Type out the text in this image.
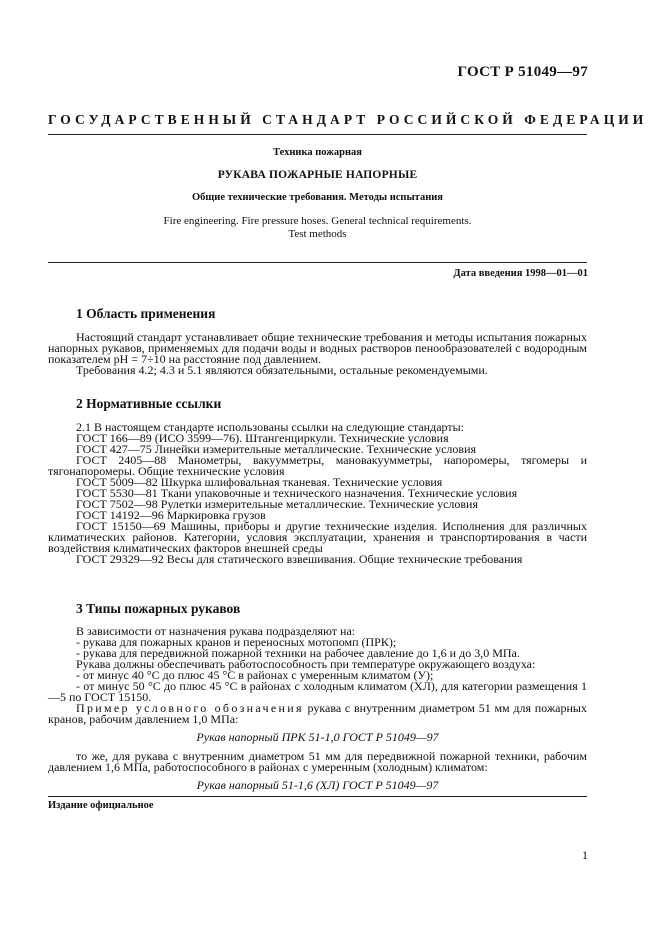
ГОСТ Р 51049—97
ГОСУДАРСТВЕННЫЙ СТАНДАРТ РОССИЙСКОЙ ФЕДЕРАЦИИ
Техника пожарная
РУКАВА ПОЖАРНЫЕ НАПОРНЫЕ
Общие технические требования. Методы испытания
Fire engineering. Fire pressure hoses. General technical requirements.
Test methods
Дата введения 1998—01—01
1 Область применения

Настоящий стандарт устанавливает общие технические требования и методы испытания пожарных напорных рукавов, применяемых для подачи воды и водных растворов пенообразователей с водородным показателем pH = 7÷10 на расстояние под давлением.

Требования 4.2; 4.3 и 5.1 являются обязательными, остальные рекомендуемыми.

2 Нормативные ссылки

2.1 В настоящем стандарте использованы ссылки на следующие стандарты:

ГОСТ 166—89 (ИСО 3599—76). Штангенциркули. Технические условия

ГОСТ 427—75 Линейки измерительные металлические. Технические условия

ГОСТ 2405—88 Манометры, вакуумметры, мановакуумметры, напоромеры, тягомеры и тягонапоромеры. Общие технические условия

ГОСТ 5009—82 Шкурка шлифовальная тканевая. Технические условия

ГОСТ 5530—81 Ткани упаковочные и технического назначения. Технические условия

ГОСТ 7502—98 Рулетки измерительные металлические. Технические условия

ГОСТ 14192—96 Маркировка грузов

ГОСТ 15150—69 Машины, приборы и другие технические изделия. Исполнения для различных климатических районов. Категории, условия эксплуатации, хранения и транспортирования в части воздействия климатических факторов внешней среды

ГОСТ 29329—92 Весы для статического взвешивания. Общие технические требования

3 Типы пожарных рукавов

В зависимости от назначения рукава подразделяют на:

- рукава для пожарных кранов и переносных мотопомп (ПРК);

- рукава для передвижной пожарной техники на рабочее давление до 1,6 и до 3,0 МПа.

Рукава должны обеспечивать работоспособность при температуре окружающего воздуха:

- от минус 40 °С до плюс 45 °С в районах с умеренным климатом (У);

- от минус 50 °С до плюс 45 °С в районах с холодным климатом (ХЛ), для категории размещения 1—5 по ГОСТ 15150.

Пример условного обозначения рукава с внутренним диаметром 51 мм для пожарных кранов, рабочим давлением 1,0 МПа:

Рукав напорный ПРК 51-1,0 ГОСТ Р 51049—97

то же, для рукава с внутренним диаметром 51 мм для передвижной пожарной техники, рабочим давлением 1,6 МПа, работоспособного в районах с умеренным (холодным) климатом:

Рукав напорный 51-1,6 (ХЛ) ГОСТ Р 51049—97

Издание официальное
1
